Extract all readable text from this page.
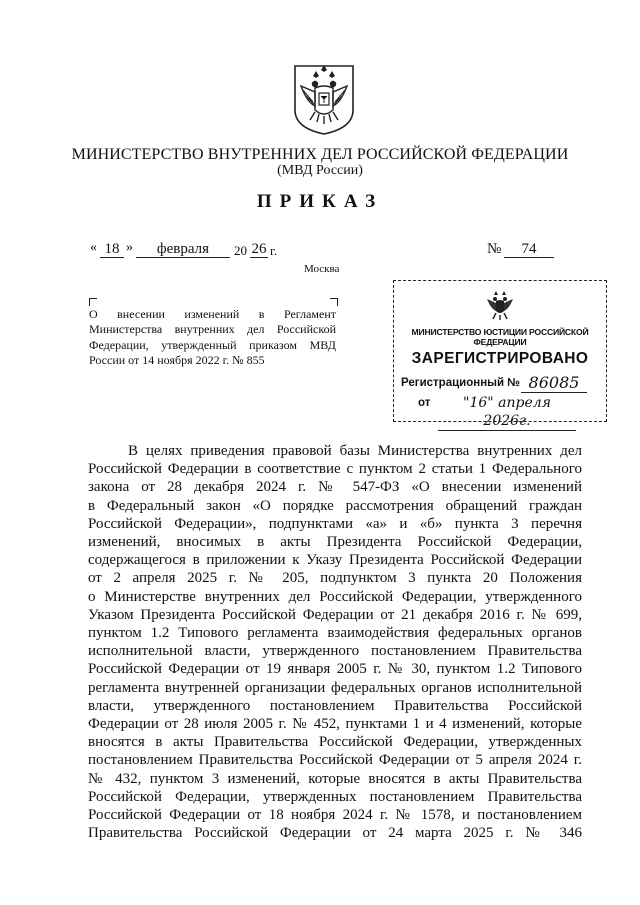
МИНИСТЕРСТВО ВНУТРЕННИХ ДЕЛ РОССИЙСКОЙ ФЕДЕРАЦИИ
(МВД России)
ПРИКАЗ
« 18 »	февраля	20 26 г.	№	74
Москва
О внесении изменений в Регламент Министерства внутренних дел Российской Федерации, утвержденный приказом МВД России от 14 ноября 2022 г. № 855
МИНИСТЕРСТВО ЮСТИЦИИ РОССИЙСКОЙ ФЕДЕРАЦИИ
ЗАРЕГИСТРИРОВАНО
Регистрационный № 86085
от	"16" апреля 2026г.
В целях приведения правовой базы Министерства внутренних дел
Российской Федерации в соответствие с пунктом 2 статьи 1 Федерального
закона от 28 декабря 2024 г. № 547-ФЗ «О внесении изменений
в Федеральный закон «О порядке рассмотрения обращений граждан
Российской Федерации», подпунктами «а» и «б» пункта 3 перечня
изменений, вносимых в акты Президента Российской Федерации,
содержащегося в приложении к Указу Президента Российской Федерации
от 2 апреля 2025 г. № 205, подпунктом 3 пункта 20 Положения
о Министерстве внутренних дел Российской Федерации, утвержденного
Указом Президента Российской Федерации от 21 декабря 2016 г. № 699,
пунктом 1.2 Типового регламента взаимодействия федеральных органов
исполнительной власти, утвержденного постановлением Правительства
Российской Федерации от 19 января 2005 г. № 30, пунктом 1.2 Типового
регламента внутренней организации федеральных органов исполнительной
власти, утвержденного постановлением Правительства Российской
Федерации от 28 июля 2005 г. № 452, пунктами 1 и 4 изменений, которые
вносятся в акты Правительства Российской Федерации, утвержденных
постановлением Правительства Российской Федерации от 5 апреля 2024 г.
№ 432, пунктом 3 изменений, которые вносятся в акты Правительства
Российской Федерации, утвержденных постановлением Правительства
Российской Федерации от 18 ноября 2024 г. № 1578, и постановлением
Правительства Российской Федерации от 24 марта 2025 г. № 346
